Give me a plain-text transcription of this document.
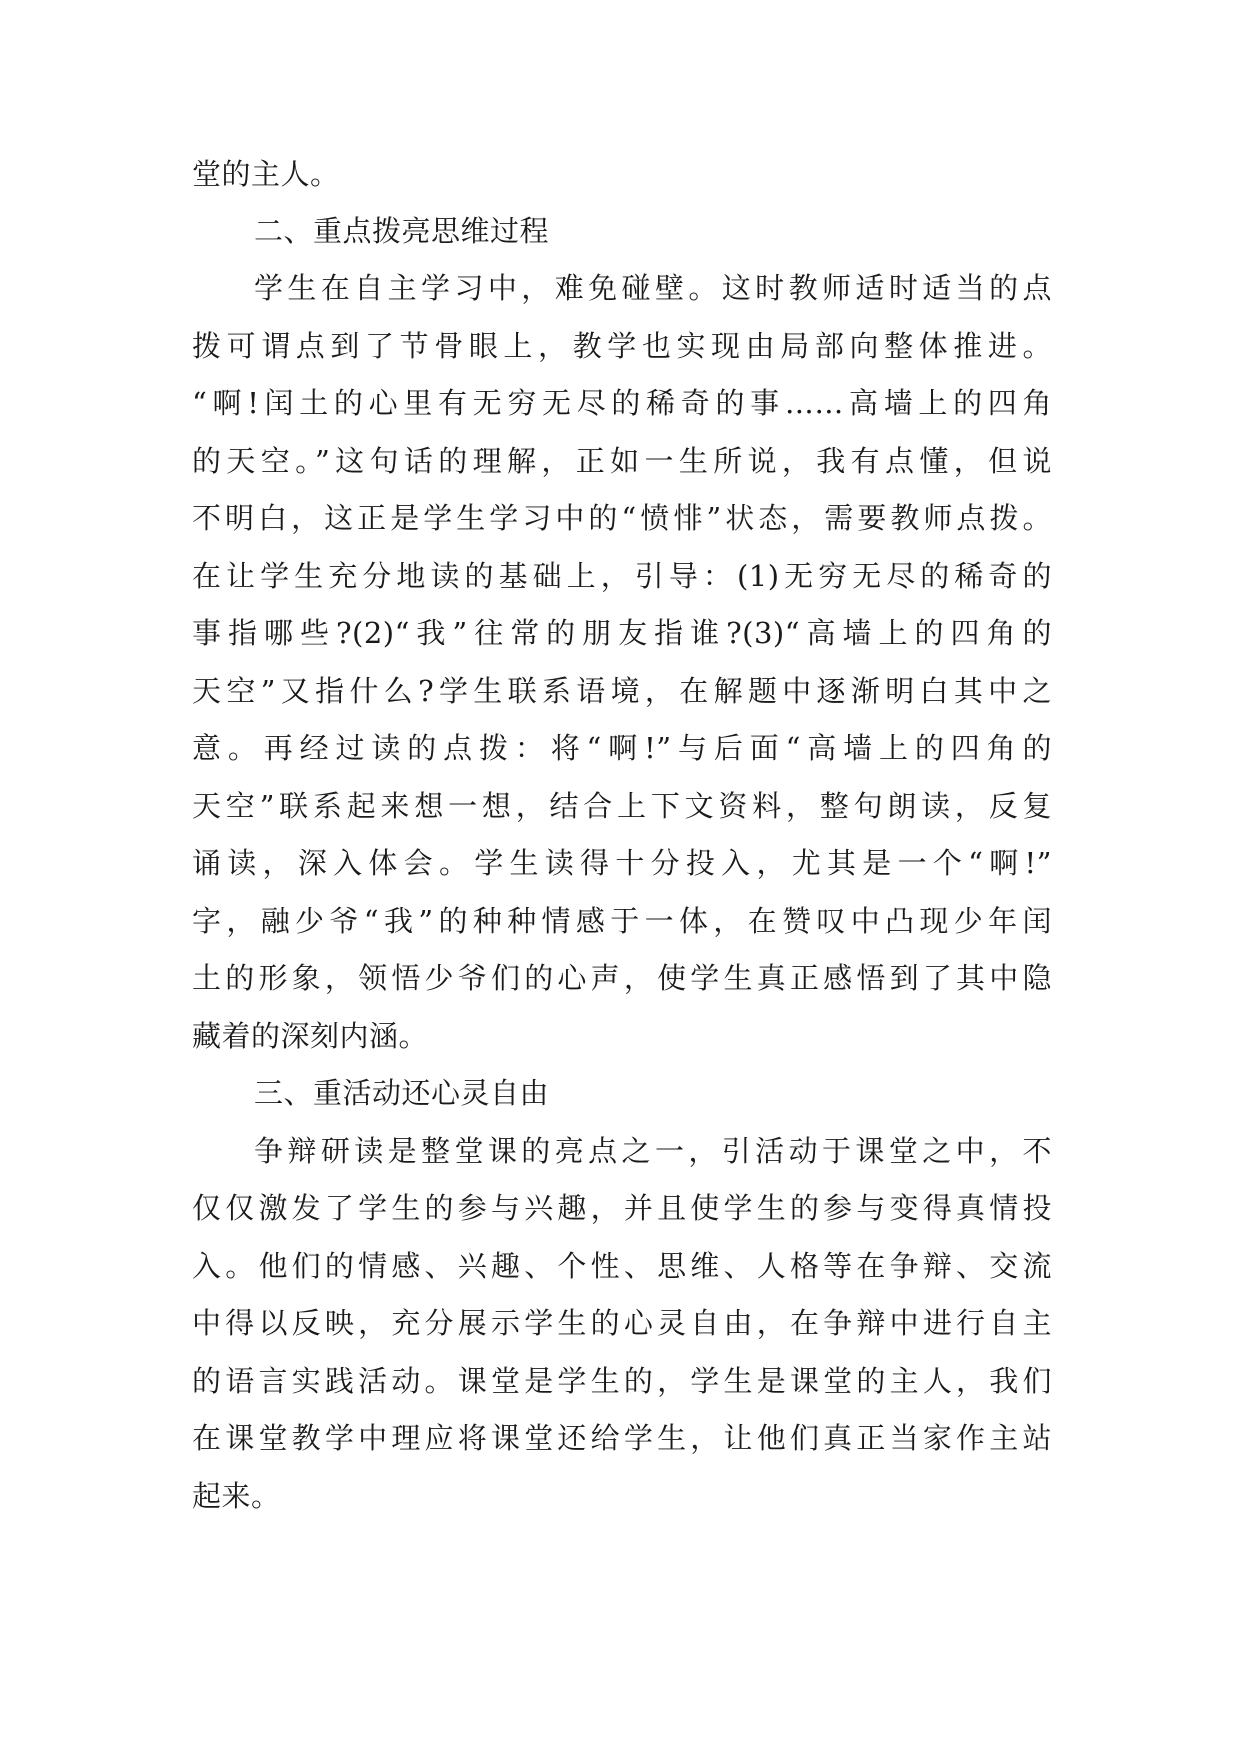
堂的主人。

二、重点拨亮思维过程

学生在自主学习中，难免碰壁。这时教师适时适当的点

拨可谓点到了节骨眼上，教学也实现由局部向整体推进。

“啊!闰土的心里有无穷无尽的稀奇的事……高墙上的四角

的天空。”这句话的理解，正如一生所说，我有点懂，但说

不明白，这正是学生学习中的“愤悱”状态，需要教师点拨。

在让学生充分地读的基础上，引导：(1)无穷无尽的稀奇的

事指哪些?(2)“我”往常的朋友指谁?(3)“高墙上的四角的

天空”又指什么?学生联系语境，在解题中逐渐明白其中之

意。再经过读的点拨：将“啊!”与后面“高墙上的四角的

天空”联系起来想一想，结合上下文资料，整句朗读，反复

诵读，深入体会。学生读得十分投入，尤其是一个“啊!”

字，融少爷“我”的种种情感于一体，在赞叹中凸现少年闰

土的形象，领悟少爷们的心声，使学生真正感悟到了其中隐

藏着的深刻内涵。

三、重活动还心灵自由

争辩研读是整堂课的亮点之一，引活动于课堂之中，不

仅仅激发了学生的参与兴趣，并且使学生的参与变得真情投

入。他们的情感、兴趣、个性、思维、人格等在争辩、交流

中得以反映，充分展示学生的心灵自由，在争辩中进行自主

的语言实践活动。课堂是学生的，学生是课堂的主人，我们

在课堂教学中理应将课堂还给学生，让他们真正当家作主站

起来。
